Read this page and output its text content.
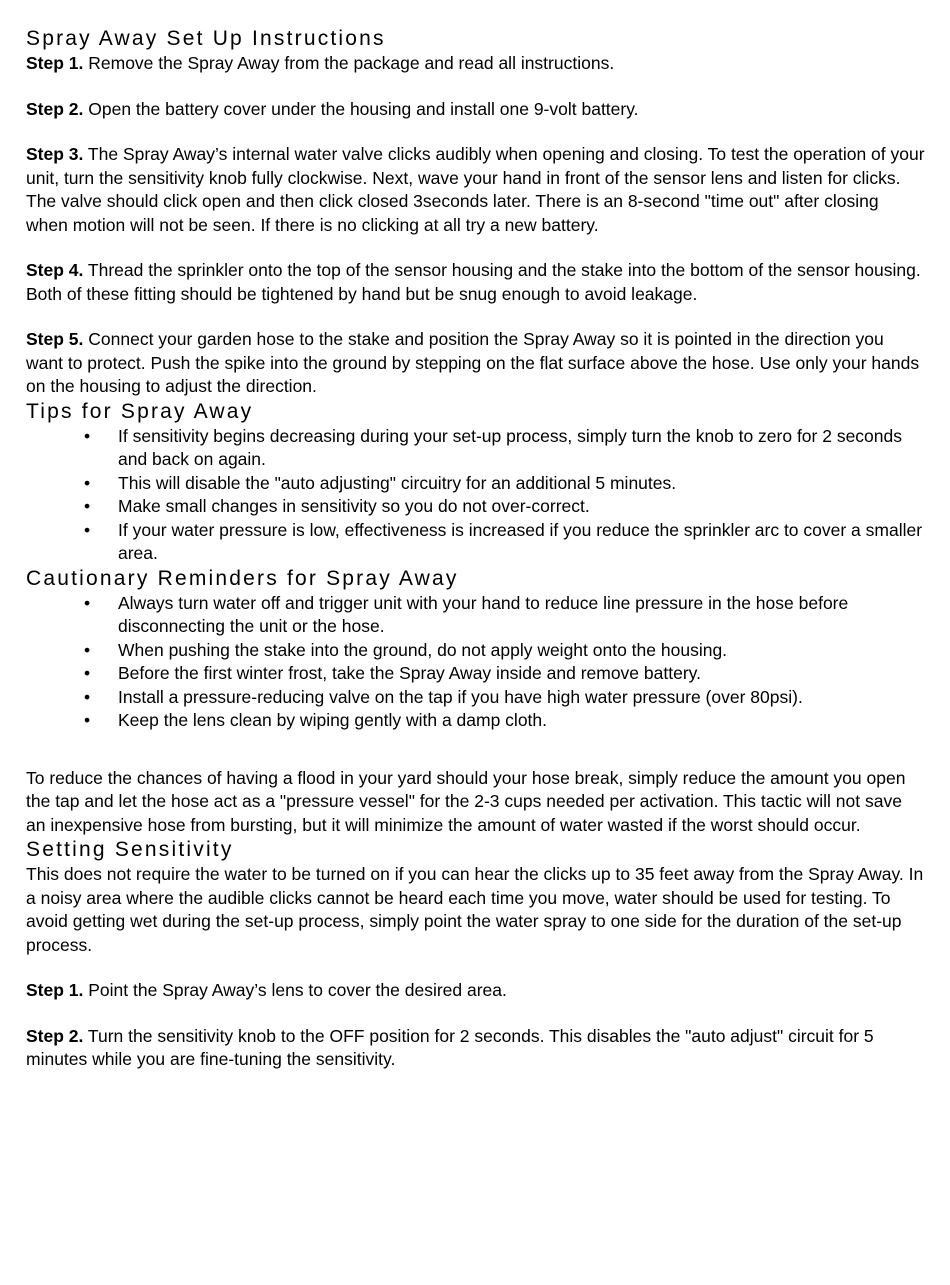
Spray Away Set Up Instructions

Step 1. Remove the Spray Away from the package and read all instructions.

Step 2. Open the battery cover under the housing and install one 9-volt battery.

Step 3. The Spray Away’s internal water valve clicks audibly when opening and closing. To test the operation of your unit, turn the sensitivity knob fully clockwise. Next, wave your hand in front of the sensor lens and listen for clicks. The valve should click open and then click closed 3seconds later. There is an 8-second "time out" after closing when motion will not be seen. If there is no clicking at all try a new battery.

Step 4. Thread the sprinkler onto the top of the sensor housing and the stake into the bottom of the sensor housing. Both of these fitting should be tightened by hand but be snug enough to avoid leakage.

Step 5. Connect your garden hose to the stake and position the Spray Away so it is pointed in the direction you want to protect. Push the spike into the ground by stepping on the flat surface above the hose. Use only your hands on the housing to adjust the direction.

Tips for Spray Away
• If sensitivity begins decreasing during your set-up process, simply turn the knob to zero for 2 seconds and back on again.
• This will disable the "auto adjusting" circuitry for an additional 5 minutes.
• Make small changes in sensitivity so you do not over-correct.
• If your water pressure is low, effectiveness is increased if you reduce the sprinkler arc to cover a smaller area.
Cautionary Reminders for Spray Away
• Always turn water off and trigger unit with your hand to reduce line pressure in the hose before disconnecting the unit or the hose.
• When pushing the stake into the ground, do not apply weight onto the housing.
• Before the first winter frost, take the Spray Away inside and remove battery.
• Install a pressure-reducing valve on the tap if you have high water pressure (over 80psi).
• Keep the lens clean by wiping gently with a damp cloth.

To reduce the chances of having a flood in your yard should your hose break, simply reduce the amount you open the tap and let the hose act as a "pressure vessel" for the 2-3 cups needed per activation. This tactic will not save an inexpensive hose from bursting, but it will minimize the amount of water wasted if the worst should occur.

Setting Sensitivity

This does not require the water to be turned on if you can hear the clicks up to 35 feet away from the Spray Away. In a noisy area where the audible clicks cannot be heard each time you move, water should be used for testing. To avoid getting wet during the set-up process, simply point the water spray to one side for the duration of the set-up process.

Step 1. Point the Spray Away’s lens to cover the desired area.

Step 2. Turn the sensitivity knob to the OFF position for 2 seconds. This disables the "auto adjust" circuit for 5 minutes while you are fine-tuning the sensitivity.
